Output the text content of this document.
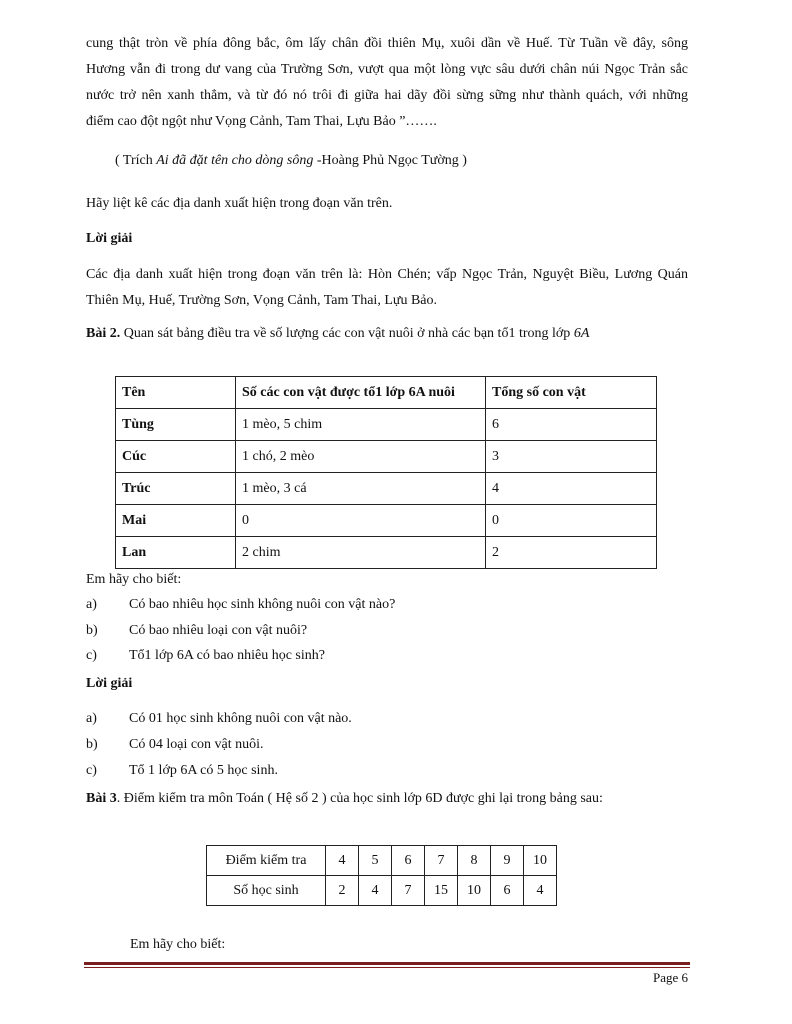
cung thật tròn về phía đông bắc, ôm lấy chân đồi thiên Mụ, xuôi dần về Huế. Từ Tuần về đây, sông
Hương vẫn đi trong dư vang của Trường Sơn, vượt qua một lòng vực sâu dưới chân núi Ngọc Trản sắc
nước trở nên xanh thẳm, và từ đó nó trôi đi giữa hai dãy đồi sừng sững như thành quách, với những
điểm cao đột ngột như Vọng Cảnh, Tam Thai, Lựu Bảo ”…….
( Trích Ai đã đặt tên cho dòng sông -Hoàng Phủ Ngọc Tường )
Hãy liệt kê các địa danh xuất hiện trong đoạn văn trên.
Lời giải
Các địa danh xuất hiện trong đoạn văn trên là: Hòn Chén; vấp Ngọc Trản, Nguyệt Biều, Lương Quán
Thiên Mụ, Huế, Trường Sơn, Vọng Cảnh, Tam Thai, Lựu Bảo.
Bài 2. Quan sát bảng điều tra về số lượng các con vật nuôi ở nhà các bạn tổ1 trong lớp 6A
Tên	Số các con vật được tổ1 lớp 6A nuôi	Tổng số con vật
Tùng	1 mèo, 5 chim	6
Cúc	1 chó, 2 mèo	3
Trúc	1 mèo, 3 cá	4
Mai	0	0
Lan	2 chim	2
Em hãy cho biết:
a) Có bao nhiêu học sinh không nuôi con vật nào?
b) Có bao nhiêu loại con vật nuôi?
c) Tổ1 lớp 6A có bao nhiêu học sinh?
Lời giải
a) Có 01 học sinh không nuôi con vật nào.
b) Có 04 loại con vật nuôi.
c) Tổ 1 lớp 6A có 5 học sinh.
Bài 3. Điểm kiểm tra môn Toán ( Hệ số 2 ) của học sinh lớp 6D được ghi lại trong bảng sau:
Điểm kiểm tra	4	5	6	7	8	9	10
Số học sinh	2	4	7	15	10	6	4
Em hãy cho biết:
Page 6
